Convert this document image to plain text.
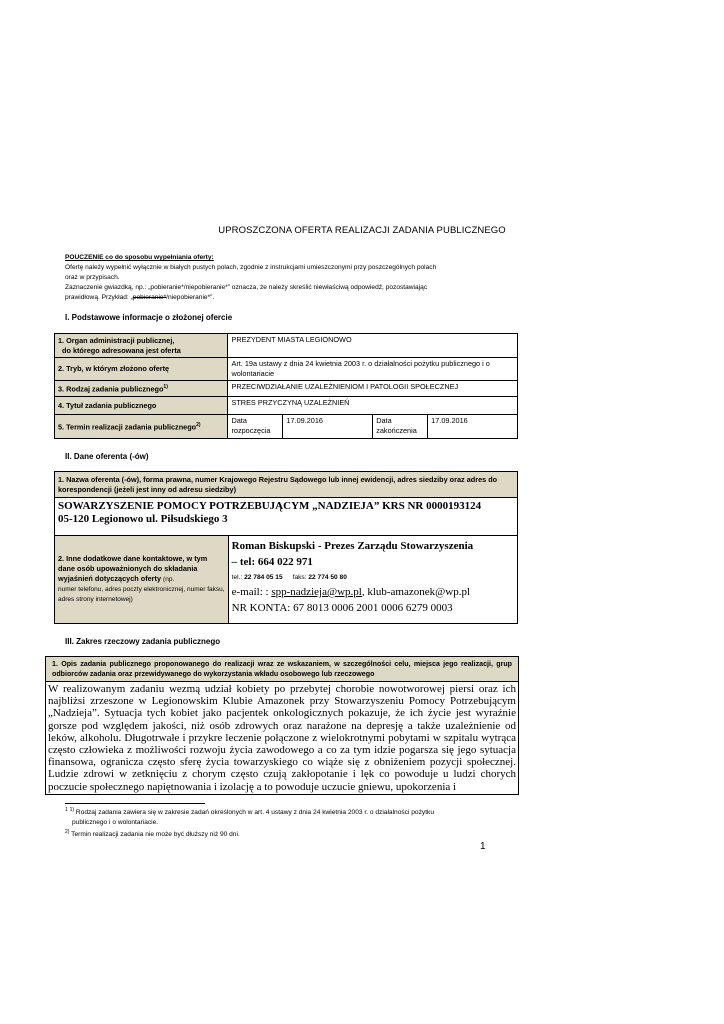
UPROSZCZONA OFERTA REALIZACJI ZADANIA PUBLICZNEGO
POUCZENIE co do sposobu wypełniania oferty:
Ofertę należy wypełnić wyłącznie w białych pustych polach, zgodnie z instrukcjami umieszczonymi przy poszczególnych polach
oraz w przypisach.
Zaznaczenie gwiazdką, np.: „pobieranie*/niepobieranie*” oznacza, że należy skreślić niewłaściwą odpowiedź, pozostawiając
prawidłową. Przykład: „pobieranie*/niepobieranie*”.
I. Podstawowe informacje o złożonej ofercie
1. Organ administracji publicznej,
do którego adresowana jest oferta	PREZYDENT MIASTA LEGIONOWO			
2. Tryb, w którym złożono ofertę	Art. 19a ustawy z dnia 24 kwietnia 2003 r. o działalności pożytku publicznego i o wolontariacie			
3. Rodzaj zadania publicznego$^{1)}$	PRZECIWDZIAŁANIE UZALEŻNIENIOM I PATOLOGII SPOŁECZNEJ			
4. Tytuł zadania publicznego	STRES PRZYCZYNĄ UZALEŻNIEŃ			
5. Termin realizacji zadania publicznego$^{2)}$	Data rozpoczęcia	17.09.2016	Data zakończenia	17.09.2016
II. Dane oferenta (-ów)
1. Nazwa oferenta (-ów), forma prawna, numer Krajowego Rejestru Sądowego lub innej ewidencji, adres siedziby oraz adres do korespondencji (jeżeli jest inny od adresu siedziby)

SOWARZYSZENIE POMOCY POTRZEBUJĄCYM „NADZIEJA” KRS NR 0000193124
05-120 Legionowo ul. Piłsudskiego 3

2. Inne dodatkowe dane kontaktowe, w tym dane osób upoważnionych do składania wyjaśnień dotyczących oferty (np.
numer telefonu, adres poczty elektronicznej, numer faksu, adres strony internetowej)

Roman Biskupski - Prezes Zarządu Stowarzyszenia
– tel: 664 022 971
tel.: 22 784 05 15 faks: 22 774 50 80
e-mail: : spp-nadzieja@wp.pl, klub-amazonek@wp.pl
NR KONTA: 67 8013 0006 2001 0006 6279 0003
III. Zakres rzeczowy zadania publicznego
1. Opis zadania publicznego proponowanego do realizacji wraz ze wskazaniem, w szczególności celu, miejsca jego realizacji, grup odbiorców zadania oraz przewidywanego do wykorzystania wkładu osobowego lub rzeczowego
W realizowanym zadaniu wezmą udział kobiety po przebytej chorobie nowotworowej piersi oraz ich najbliżsi zrzeszone w Legionowskim Klubie Amazonek przy Stowarzyszeniu Pomocy Potrzebującym „Nadzieja”. Sytuacja tych kobiet jako pacjentek onkologicznych pokazuje, że ich życie jest wyraźnie gorsze pod względem jakości, niż osób zdrowych oraz narażone na depresję a także uzależnienie od leków, alkoholu. Długotrwałe i przykre leczenie połączone z wielokrotnymi pobytami w szpitalu wytrąca często człowieka z możliwości rozwoju życia zawodowego a co za tym idzie pogarsza się jego sytuacja finansowa, ogranicza często sferę życia towarzyskiego co wiąże się z obniżeniem pozycji społecznej. Ludzie zdrowi w zetknięciu z chorym często czują zakłopotanie i lęk co powoduje u ludzi chorych poczucie społecznego napiętnowania i izolację a to powoduje uczucie gniewu, upokorzenia i
$^1$ $^{1)}$ Rodzaj zadania zawiera się w zakresie zadań określonych w art. 4 ustawy z dnia 24 kwietnia 2003 r. o działalności pożytku
publicznego i o wolontariacie.
$^{2)}$ Termin realizacji zadania nie może być dłuższy niż 90 dni.
1
